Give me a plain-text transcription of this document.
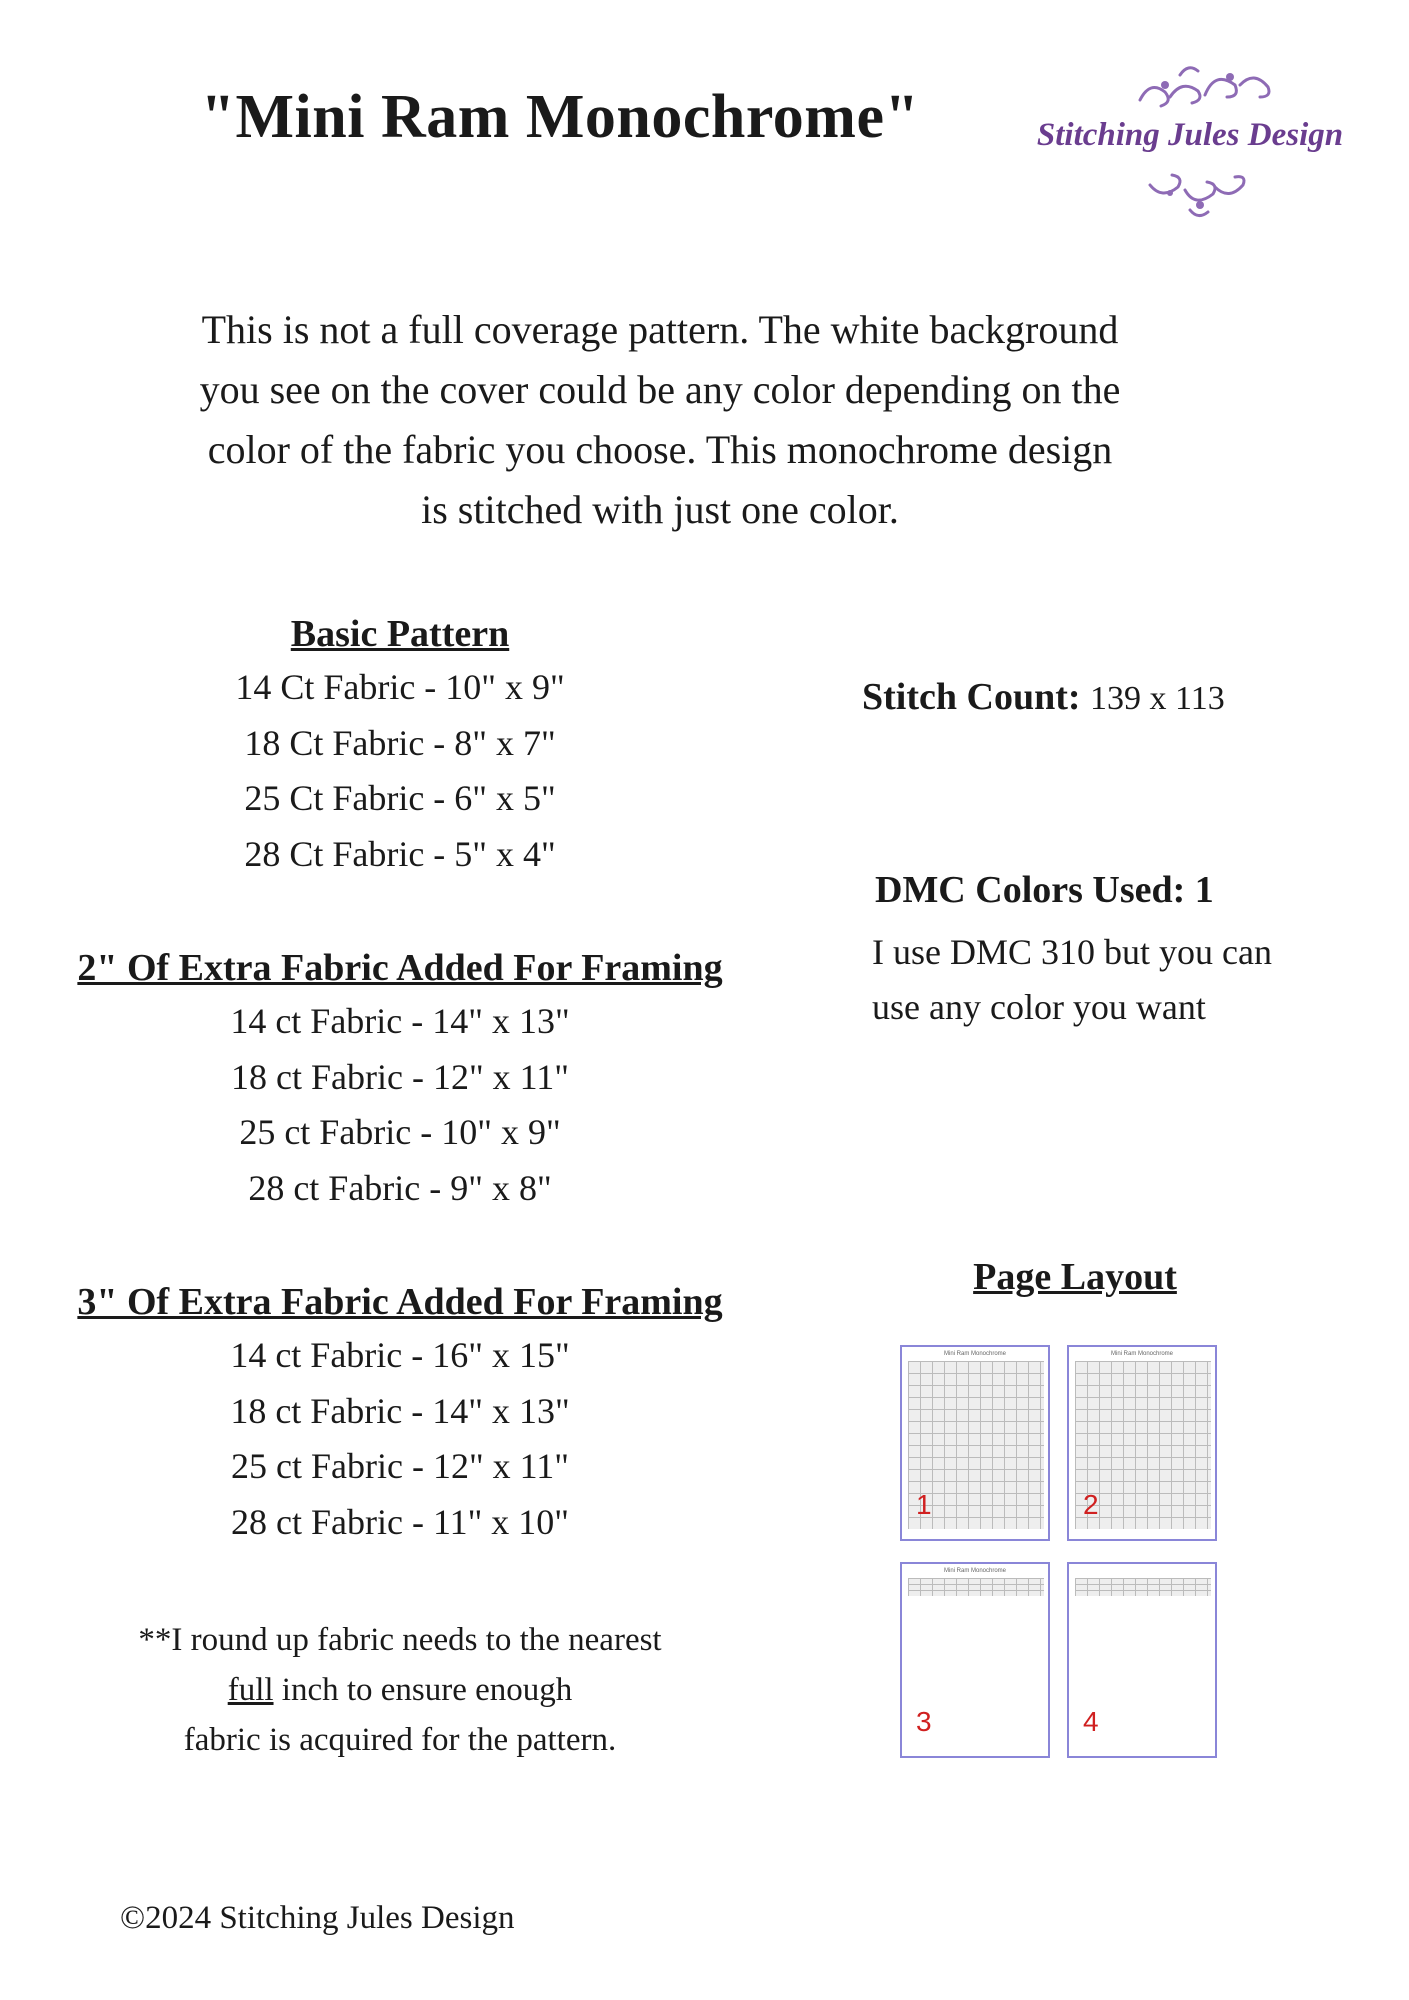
"Mini Ram Monochrome"	Stitching Jules Design
This is not a full coverage pattern. The white background
you see on the cover could be any color depending on the
color of the fabric you choose. This monochrome design
is stitched with just one color.
Basic Pattern
14 Ct Fabric - 10" x 9"
18 Ct Fabric - 8" x 7"
25 Ct Fabric - 6" x 5"
28 Ct Fabric - 5" x 4"
2" Of Extra Fabric Added For Framing
14 ct Fabric - 14" x 13"
18 ct Fabric - 12" x 11"
25 ct Fabric - 10" x 9"
28 ct Fabric - 9" x 8"
3" Of Extra Fabric Added For Framing
14 ct Fabric - 16" x 15"
18 ct Fabric - 14" x 13"
25 ct Fabric - 12" x 11"
28 ct Fabric - 11" x 10"
**I round up fabric needs to the nearest
full inch to ensure enough
fabric is acquired for the pattern.
Stitch Count: 139 x 113
DMC Colors Used: 1
I use DMC 310 but you can
use any color you want
Page Layout
Mini Ram Monochrome
1
Mini Ram Monochrome
2
Mini Ram Monochrome
3	4
©2024 Stitching Jules Design
